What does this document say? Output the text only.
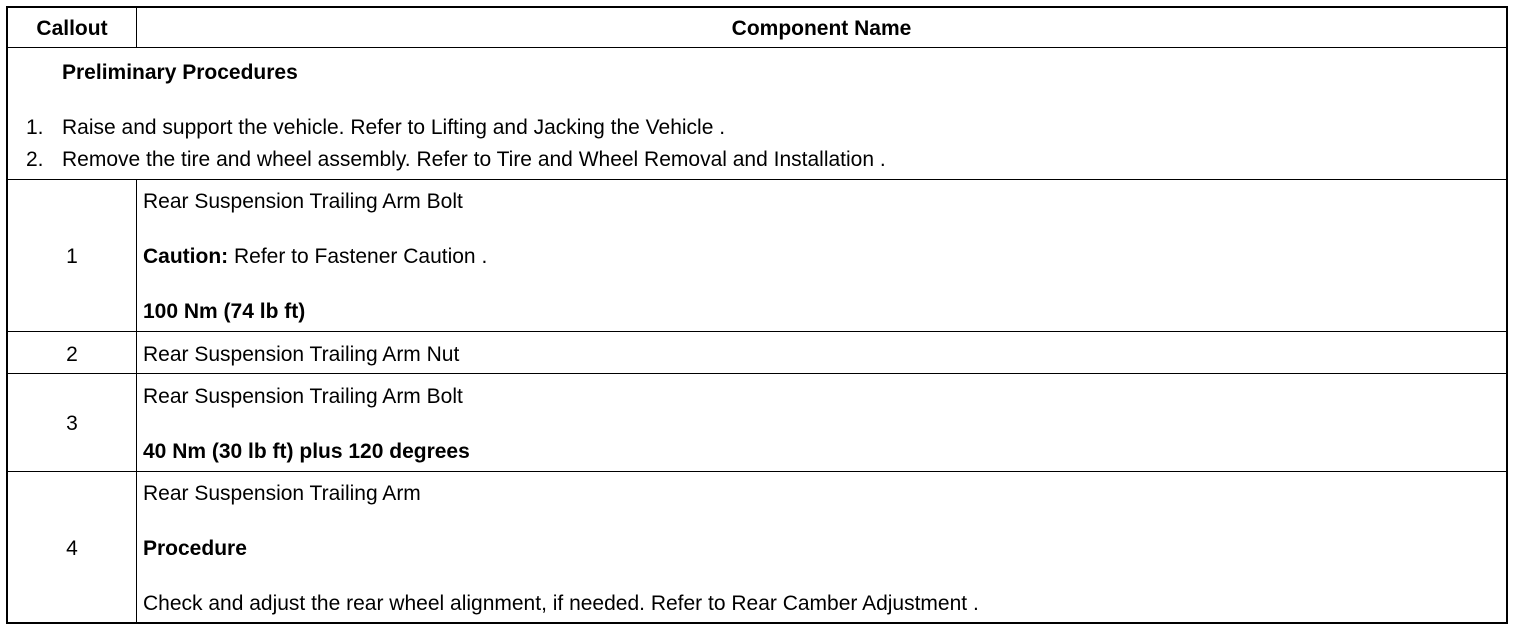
Callout	Component Name
Preliminary Procedures
1. Raise and support the vehicle. Refer to Lifting and Jacking the Vehicle .
2. Remove the tire and wheel assembly. Refer to Tire and Wheel Removal and Installation .
1
Rear Suspension Trailing Arm Bolt
Caution: Refer to Fastener Caution .
100 Nm (74 lb ft)
2	Rear Suspension Trailing Arm Nut
3
Rear Suspension Trailing Arm Bolt
40 Nm (30 lb ft) plus 120 degrees
4
Rear Suspension Trailing Arm
Procedure
Check and adjust the rear wheel alignment, if needed. Refer to Rear Camber Adjustment .
